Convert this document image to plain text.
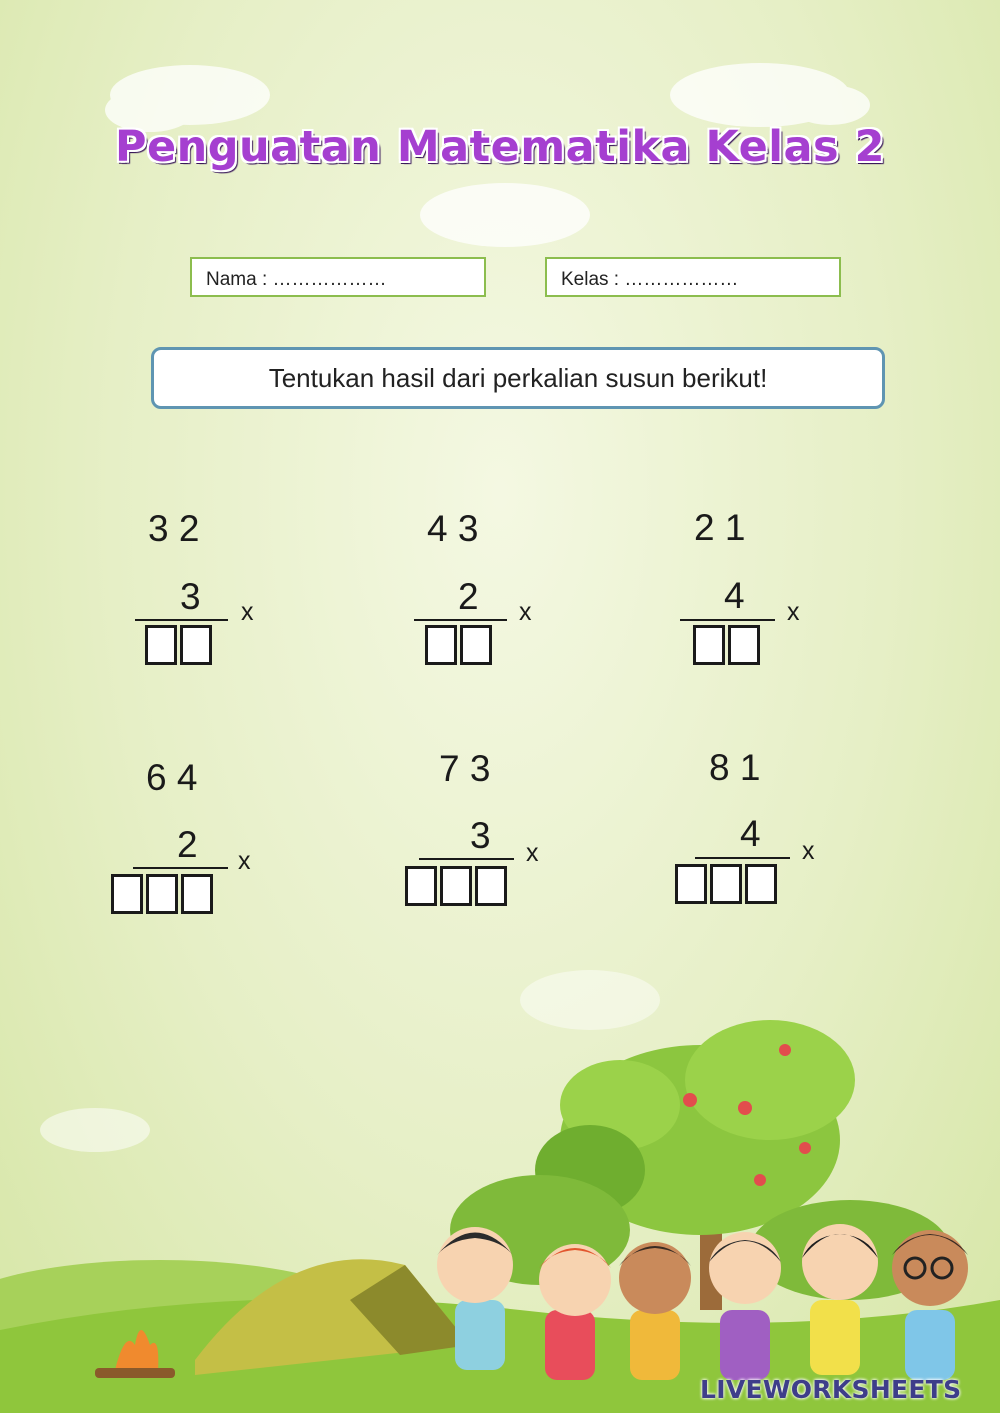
Penguatan Matematika Kelas 2
Nama : ………………	Kelas : ………………
Tentukan hasil dari perkalian susun berikut!
3 2
3 x
4 3
2 x
2 1
4 x
6 4
2 x
7 3
3 x
8 1
4 x
LIVEWORKSHEETS
